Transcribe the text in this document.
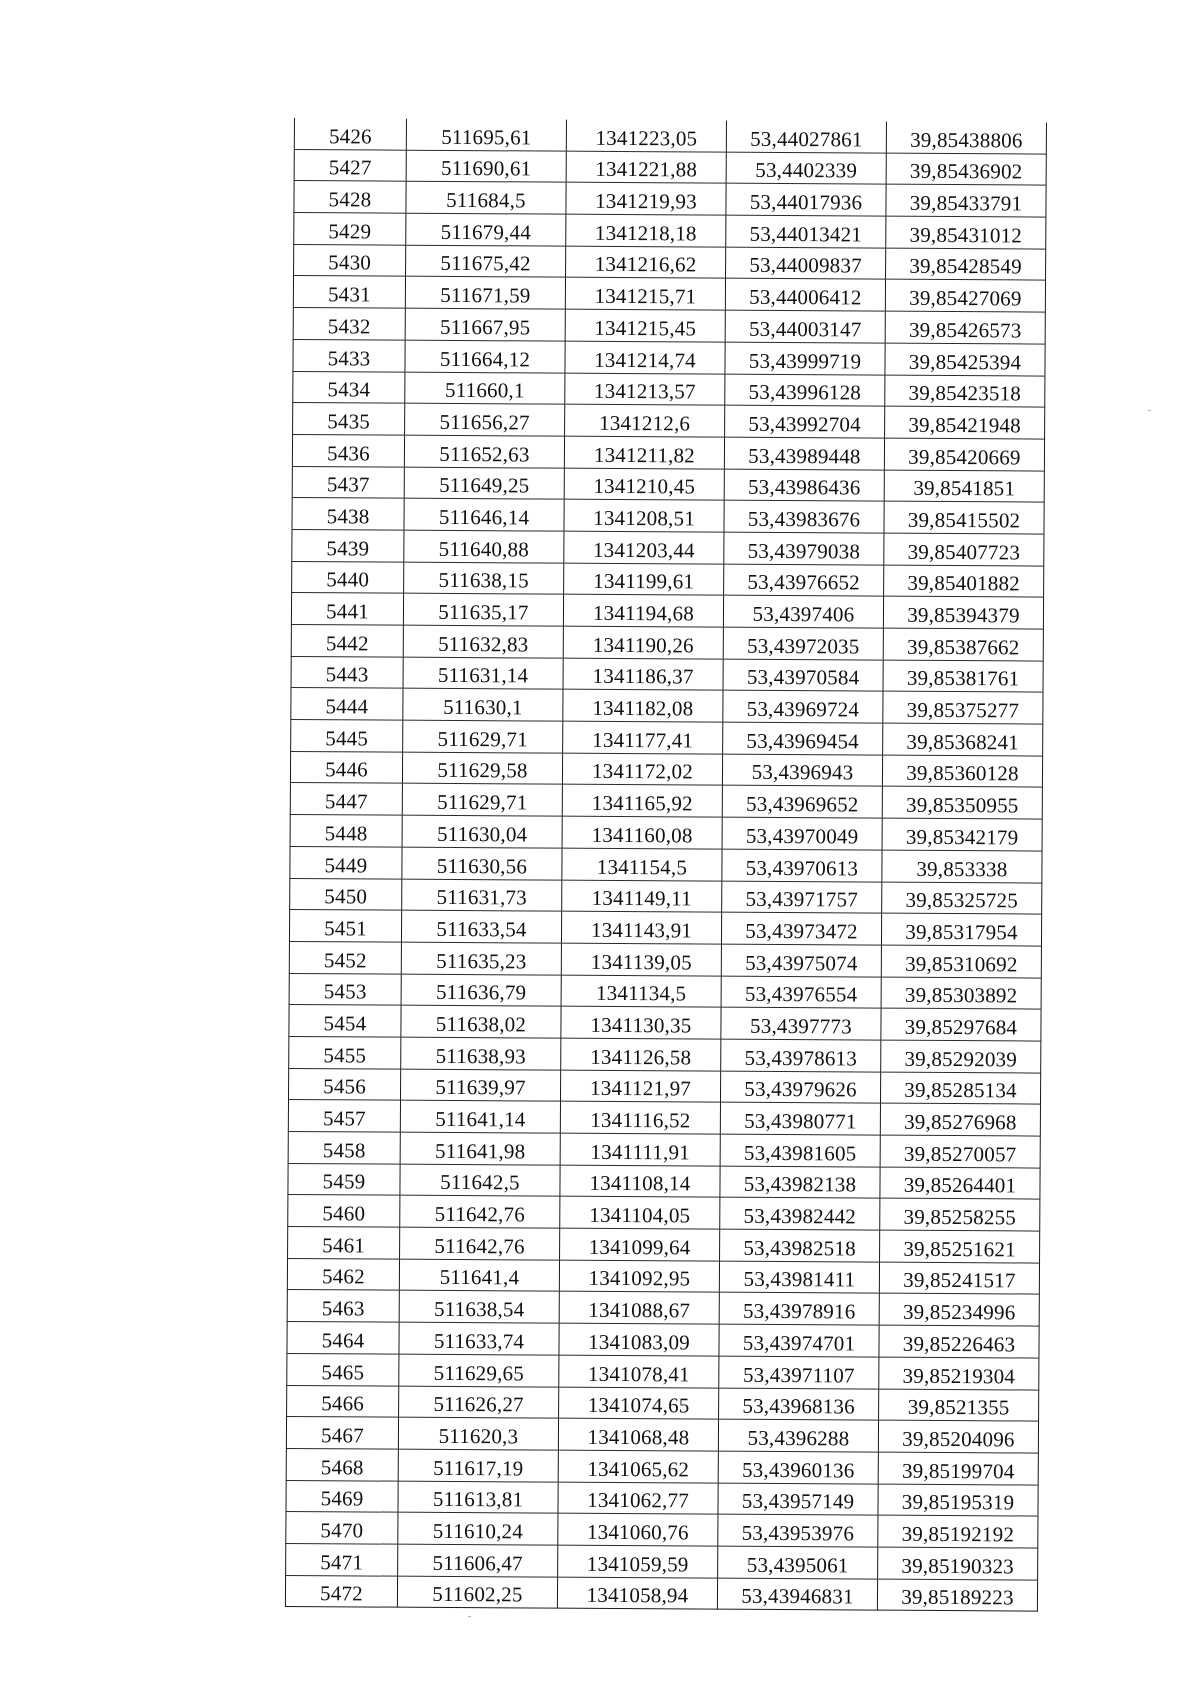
5426	511695,61	1341223,05	53,44027861	39,85438806
5427	511690,61	1341221,88	53,4402339	39,85436902
5428	511684,5	1341219,93	53,44017936	39,85433791
5429	511679,44	1341218,18	53,44013421	39,85431012
5430	511675,42	1341216,62	53,44009837	39,85428549
5431	511671,59	1341215,71	53,44006412	39,85427069
5432	511667,95	1341215,45	53,44003147	39,85426573
5433	511664,12	1341214,74	53,43999719	39,85425394
5434	511660,1	1341213,57	53,43996128	39,85423518
5435	511656,27	1341212,6	53,43992704	39,85421948
5436	511652,63	1341211,82	53,43989448	39,85420669
5437	511649,25	1341210,45	53,43986436	39,8541851
5438	511646,14	1341208,51	53,43983676	39,85415502
5439	511640,88	1341203,44	53,43979038	39,85407723
5440	511638,15	1341199,61	53,43976652	39,85401882
5441	511635,17	1341194,68	53,4397406	39,85394379
5442	511632,83	1341190,26	53,43972035	39,85387662
5443	511631,14	1341186,37	53,43970584	39,85381761
5444	511630,1	1341182,08	53,43969724	39,85375277
5445	511629,71	1341177,41	53,43969454	39,85368241
5446	511629,58	1341172,02	53,4396943	39,85360128
5447	511629,71	1341165,92	53,43969652	39,85350955
5448	511630,04	1341160,08	53,43970049	39,85342179
5449	511630,56	1341154,5	53,43970613	39,853338
5450	511631,73	1341149,11	53,43971757	39,85325725
5451	511633,54	1341143,91	53,43973472	39,85317954
5452	511635,23	1341139,05	53,43975074	39,85310692
5453	511636,79	1341134,5	53,43976554	39,85303892
5454	511638,02	1341130,35	53,4397773	39,85297684
5455	511638,93	1341126,58	53,43978613	39,85292039
5456	511639,97	1341121,97	53,43979626	39,85285134
5457	511641,14	1341116,52	53,43980771	39,85276968
5458	511641,98	1341111,91	53,43981605	39,85270057
5459	511642,5	1341108,14	53,43982138	39,85264401
5460	511642,76	1341104,05	53,43982442	39,85258255
5461	511642,76	1341099,64	53,43982518	39,85251621
5462	511641,4	1341092,95	53,43981411	39,85241517
5463	511638,54	1341088,67	53,43978916	39,85234996
5464	511633,74	1341083,09	53,43974701	39,85226463
5465	511629,65	1341078,41	53,43971107	39,85219304
5466	511626,27	1341074,65	53,43968136	39,8521355
5467	511620,3	1341068,48	53,4396288	39,85204096
5468	511617,19	1341065,62	53,43960136	39,85199704
5469	511613,81	1341062,77	53,43957149	39,85195319
5470	511610,24	1341060,76	53,43953976	39,85192192
5471	511606,47	1341059,59	53,4395061	39,85190323
5472	511602,25	1341058,94	53,43946831	39,85189223
